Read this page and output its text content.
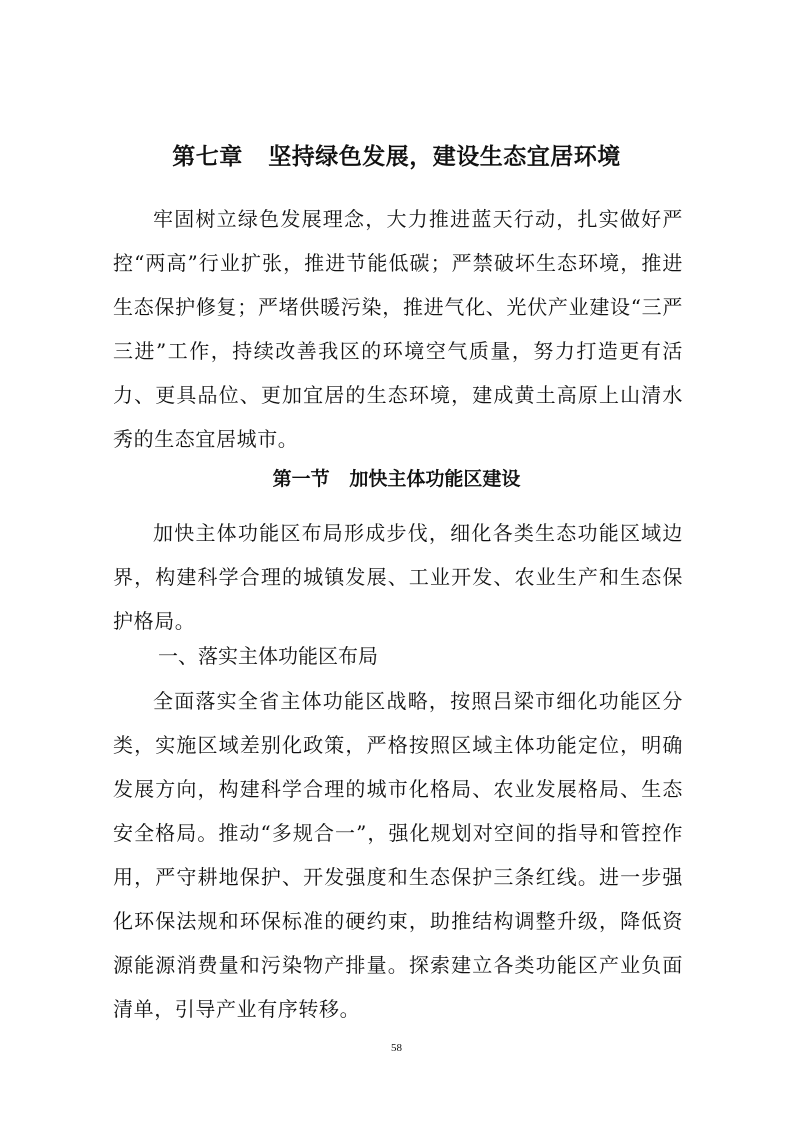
第七章   坚持绿色发展，建设生态宜居环境

牢固树立绿色发展理念，大力推进蓝天行动，扎实做好严控“两高”行业扩张，推进节能低碳；严禁破坏生态环境，推进生态保护修复；严堵供暖污染，推进气化、光伏产业建设“三严三进”工作，持续改善我区的环境空气质量，努力打造更有活力、更具品位、更加宜居的生态环境，建成黄土高原上山清水秀的生态宜居城市。

第一节   加快主体功能区建设

加快主体功能区布局形成步伐，细化各类生态功能区域边界，构建科学合理的城镇发展、工业开发、农业生产和生态保护格局。

一、落实主体功能区布局

全面落实全省主体功能区战略，按照吕梁市细化功能区分类，实施区域差别化政策，严格按照区域主体功能定位，明确发展方向，构建科学合理的城市化格局、农业发展格局、生态安全格局。推动“多规合一”，强化规划对空间的指导和管控作用，严守耕地保护、开发强度和生态保护三条红线。进一步强化环保法规和环保标准的硬约束，助推结构调整升级，降低资源能源消费量和污染物产排量。探索建立各类功能区产业负面清单，引导产业有序转移。

58
